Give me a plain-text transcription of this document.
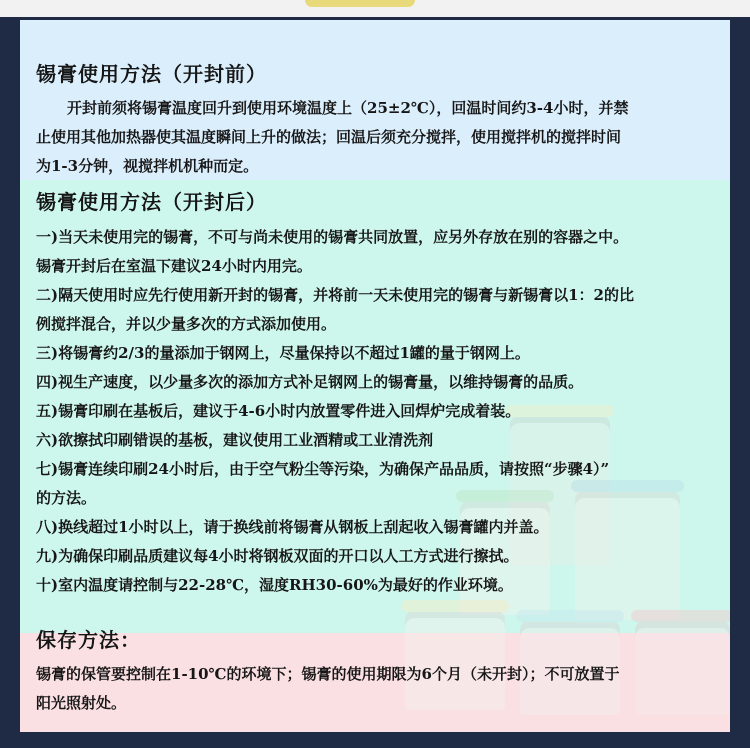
锡膏使用方法（开封前）
开封前须将锡膏温度回升到使用环境温度上（25±2℃），回温时间约3-4小时，并禁
止使用其他加热器使其温度瞬间上升的做法；回温后须充分搅拌，使用搅拌机的搅拌时间
为1-3分钟，视搅拌机机种而定。
锡膏使用方法（开封后）
一)当天未使用完的锡膏，不可与尚未使用的锡膏共同放置，应另外存放在别的容器之中。
锡膏开封后在室温下建议24小时内用完。
二)隔天使用时应先行使用新开封的锡膏，并将前一天未使用完的锡膏与新锡膏以1：2的比
例搅拌混合，并以少量多次的方式添加使用。
三)将锡膏约2/3的量添加于钢网上，尽量保持以不超过1罐的量于钢网上。
四)视生产速度，以少量多次的添加方式补足钢网上的锡膏量，以维持锡膏的品质。
五)锡膏印刷在基板后，建议于4-6小时内放置零件进入回焊炉完成着装。
六)欲擦拭印刷错误的基板，建议使用工业酒精或工业清洗剂
七)锡膏连续印刷24小时后，由于空气粉尘等污染，为确保产品品质，请按照“步骤4）”
的方法。
八)换线超过1小时以上，请于换线前将锡膏从钢板上刮起收入锡膏罐内并盖。
九)为确保印刷品质建议每4小时将钢板双面的开口以人工方式进行擦拭。
十)室内温度请控制与22-28℃，湿度RH30-60%为最好的作业环境。
保存方法：
锡膏的保管要控制在1-10℃的环境下；锡膏的使用期限为6个月（未开封）；不可放置于
阳光照射处。
